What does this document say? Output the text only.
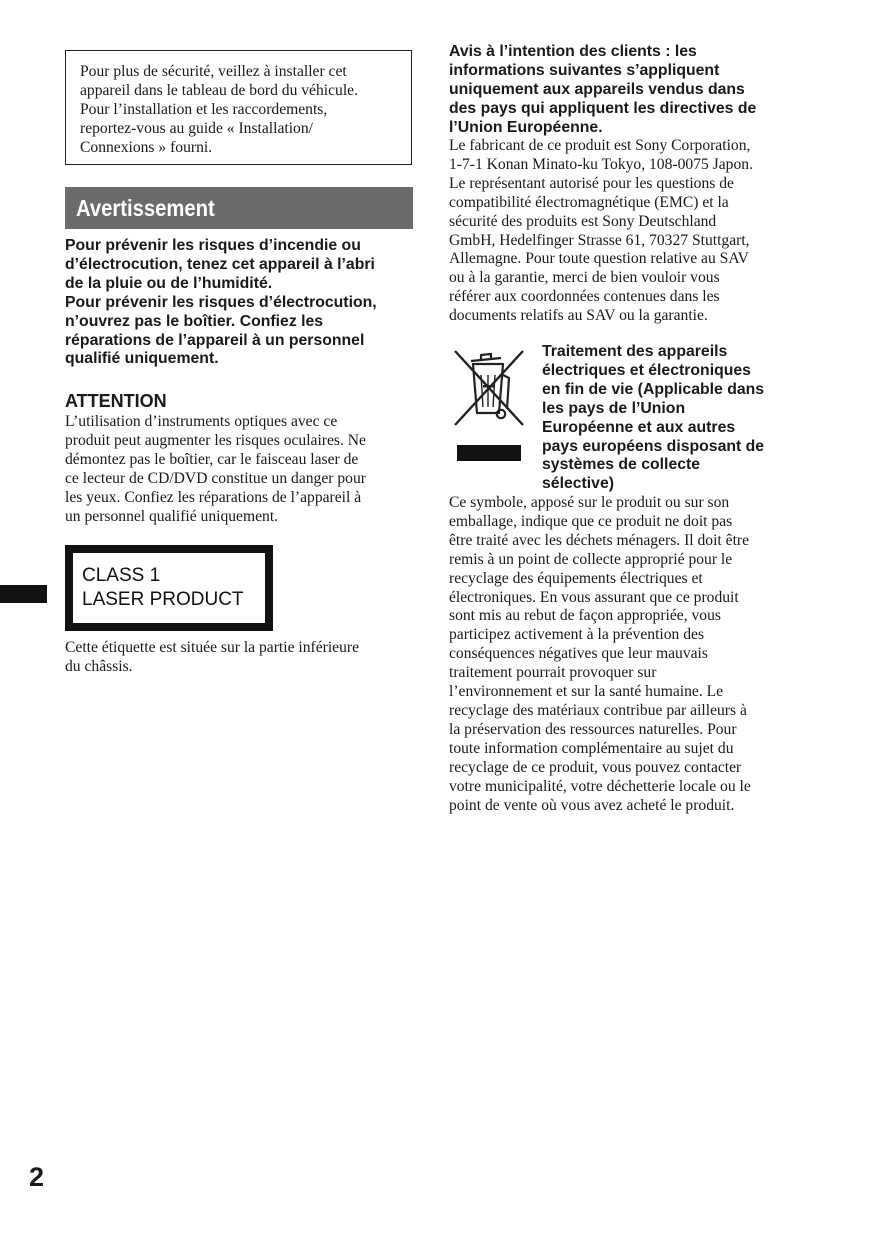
Pour plus de sécurité, veillez à installer cet
appareil dans le tableau de bord du véhicule.
Pour l’installation et les raccordements,
reportez-vous au guide « Installation/
Connexions » fourni.
Avertissement
Pour prévenir les risques d’incendie ou
d’électrocution, tenez cet appareil à l’abri
de la pluie ou de l’humidité.
Pour prévenir les risques d’électrocution,
n’ouvrez pas le boîtier. Confiez les
réparations de l’appareil à un personnel
qualifié uniquement.
ATTENTION
L’utilisation d’instruments optiques avec ce
produit peut augmenter les risques oculaires. Ne
démontez pas le boîtier, car le faisceau laser de
ce lecteur de CD/DVD constitue un danger pour
les yeux. Confiez les réparations de l’appareil à
un personnel qualifié uniquement.
CLASS 1
LASER PRODUCT
Cette étiquette est située sur la partie inférieure
du châssis.
Avis à l’intention des clients : les
informations suivantes s’appliquent
uniquement aux appareils vendus dans
des pays qui appliquent les directives de
l’Union Européenne.
Le fabricant de ce produit est Sony Corporation,
1-7-1 Konan Minato-ku Tokyo, 108-0075 Japon.
Le représentant autorisé pour les questions de
compatibilité électromagnétique (EMC) et la
sécurité des produits est Sony Deutschland
GmbH, Hedelfinger Strasse 61, 70327 Stuttgart,
Allemagne. Pour toute question relative au SAV
ou à la garantie, merci de bien vouloir vous
référer aux coordonnées contenues dans les
documents relatifs au SAV ou la garantie.
Traitement des appareils
électriques et électroniques
en fin de vie (Applicable dans
les pays de l’Union
Européenne et aux autres
pays européens disposant de
systèmes de collecte
sélective)
Ce symbole, apposé sur le produit ou sur son
emballage, indique que ce produit ne doit pas
être traité avec les déchets ménagers. Il doit être
remis à un point de collecte approprié pour le
recyclage des équipements électriques et
électroniques. En vous assurant que ce produit
sont mis au rebut de façon appropriée, vous
participez activement à la prévention des
conséquences négatives que leur mauvais
traitement pourrait provoquer sur
l’environnement et sur la santé humaine. Le
recyclage des matériaux contribue par ailleurs à
la préservation des ressources naturelles. Pour
toute information complémentaire au sujet du
recyclage de ce produit, vous pouvez contacter
votre municipalité, votre déchetterie locale ou le
point de vente où vous avez acheté le produit.
2
